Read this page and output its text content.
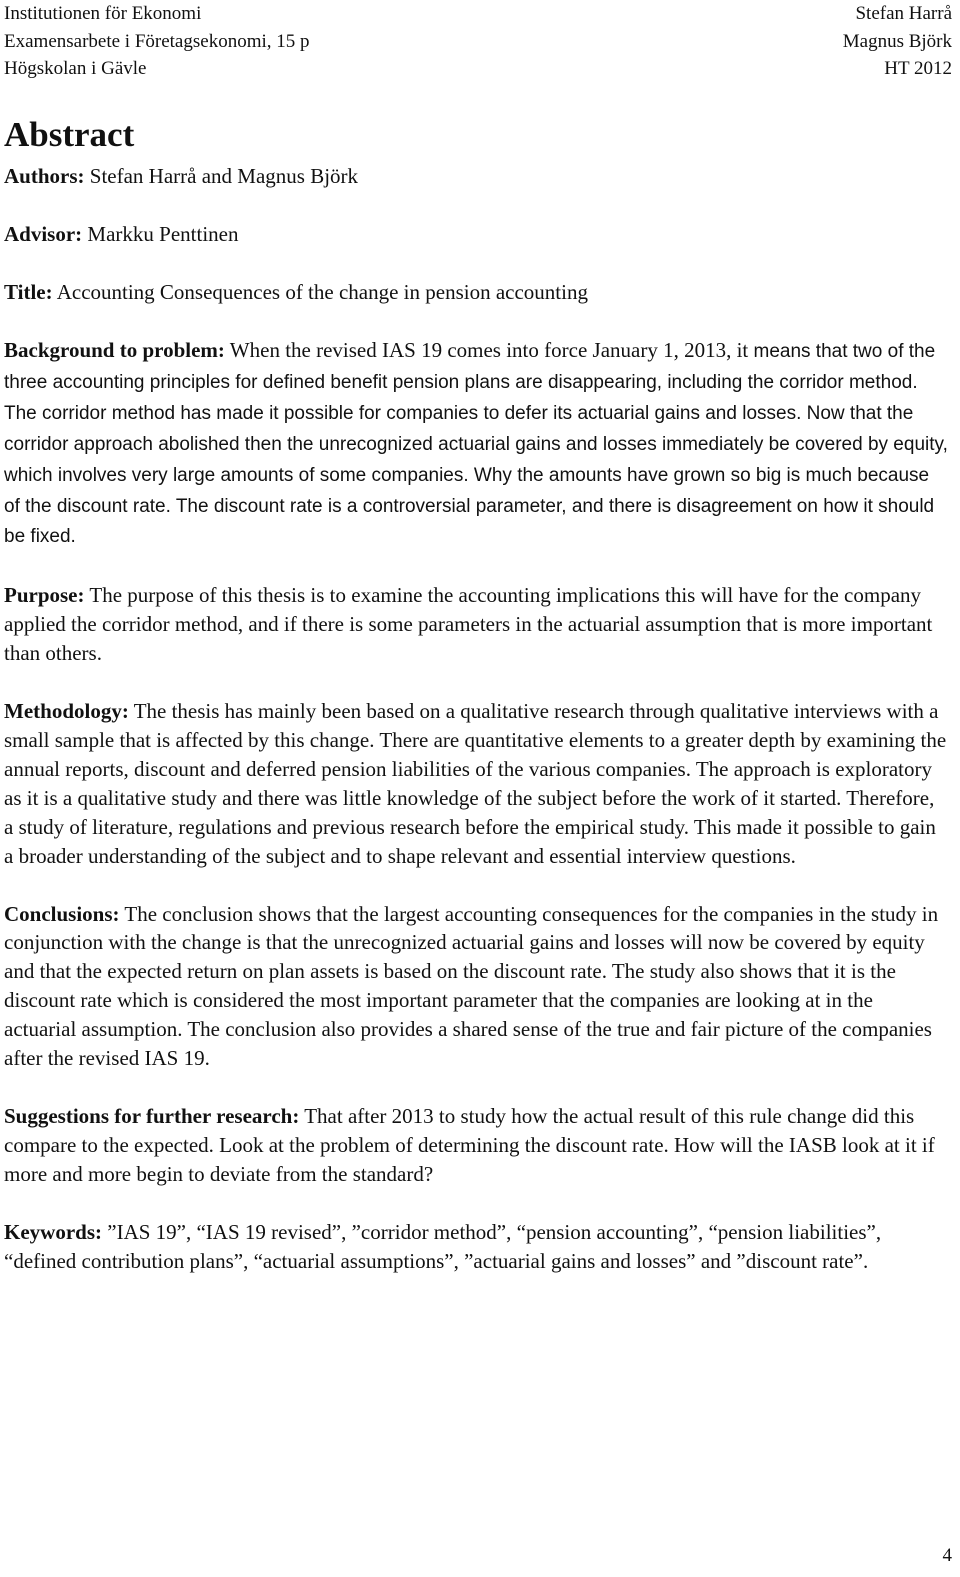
Institutionen för Ekonomi	Stefan Harrå
Examensarbete i Företagsekonomi, 15 p	Magnus Björk
Högskolan i Gävle	HT 2012
Abstract

Authors: Stefan Harrå and Magnus Björk

Advisor: Markku Penttinen

Title: Accounting Consequences of the change in pension accounting

Background to problem: When the revised IAS 19 comes into force January 1, 2013, it means that two of the three accounting principles for defined benefit pension plans are disappearing, including the corridor method. The corridor method has made it possible for companies to defer its actuarial gains and losses. Now that the corridor approach abolished then the unrecognized actuarial gains and losses immediately be covered by equity, which involves very large amounts of some companies. Why the amounts have grown so big is much because of the discount rate. The discount rate is a controversial parameter, and there is disagreement on how it should be fixed.

Purpose: The purpose of this thesis is to examine the accounting implications this will have for the company applied the corridor method, and if there is some parameters in the actuarial assumption that is more important than others.

Methodology: The thesis has mainly been based on a qualitative research through qualitative interviews with a small sample that is affected by this change. There are quantitative elements to a greater depth by examining the annual reports, discount and deferred pension liabilities of the various companies. The approach is exploratory as it is a qualitative study and there was little knowledge of the subject before the work of it started. Therefore, a study of literature, regulations and previous research before the empirical study. This made it possible to gain a broader understanding of the subject and to shape relevant and essential interview questions.

Conclusions: The conclusion shows that the largest accounting consequences for the companies in the study in conjunction with the change is that the unrecognized actuarial gains and losses will now be covered by equity and that the expected return on plan assets is based on the discount rate. The study also shows that it is the discount rate which is considered the most important parameter that the companies are looking at in the actuarial assumption. The conclusion also provides a shared sense of the true and fair picture of the companies after the revised IAS 19.

Suggestions for further research: That after 2013 to study how the actual result of this rule change did this compare to the expected. Look at the problem of determining the discount rate. How will the IASB look at it if more and more begin to deviate from the standard?

Keywords: ”IAS 19”, “IAS 19 revised”, ”corridor method”, “pension accounting”, “pension liabilities”, “defined contribution plans”, “actuarial assumptions”, ”actuarial gains and losses” and ”discount rate”.

4
